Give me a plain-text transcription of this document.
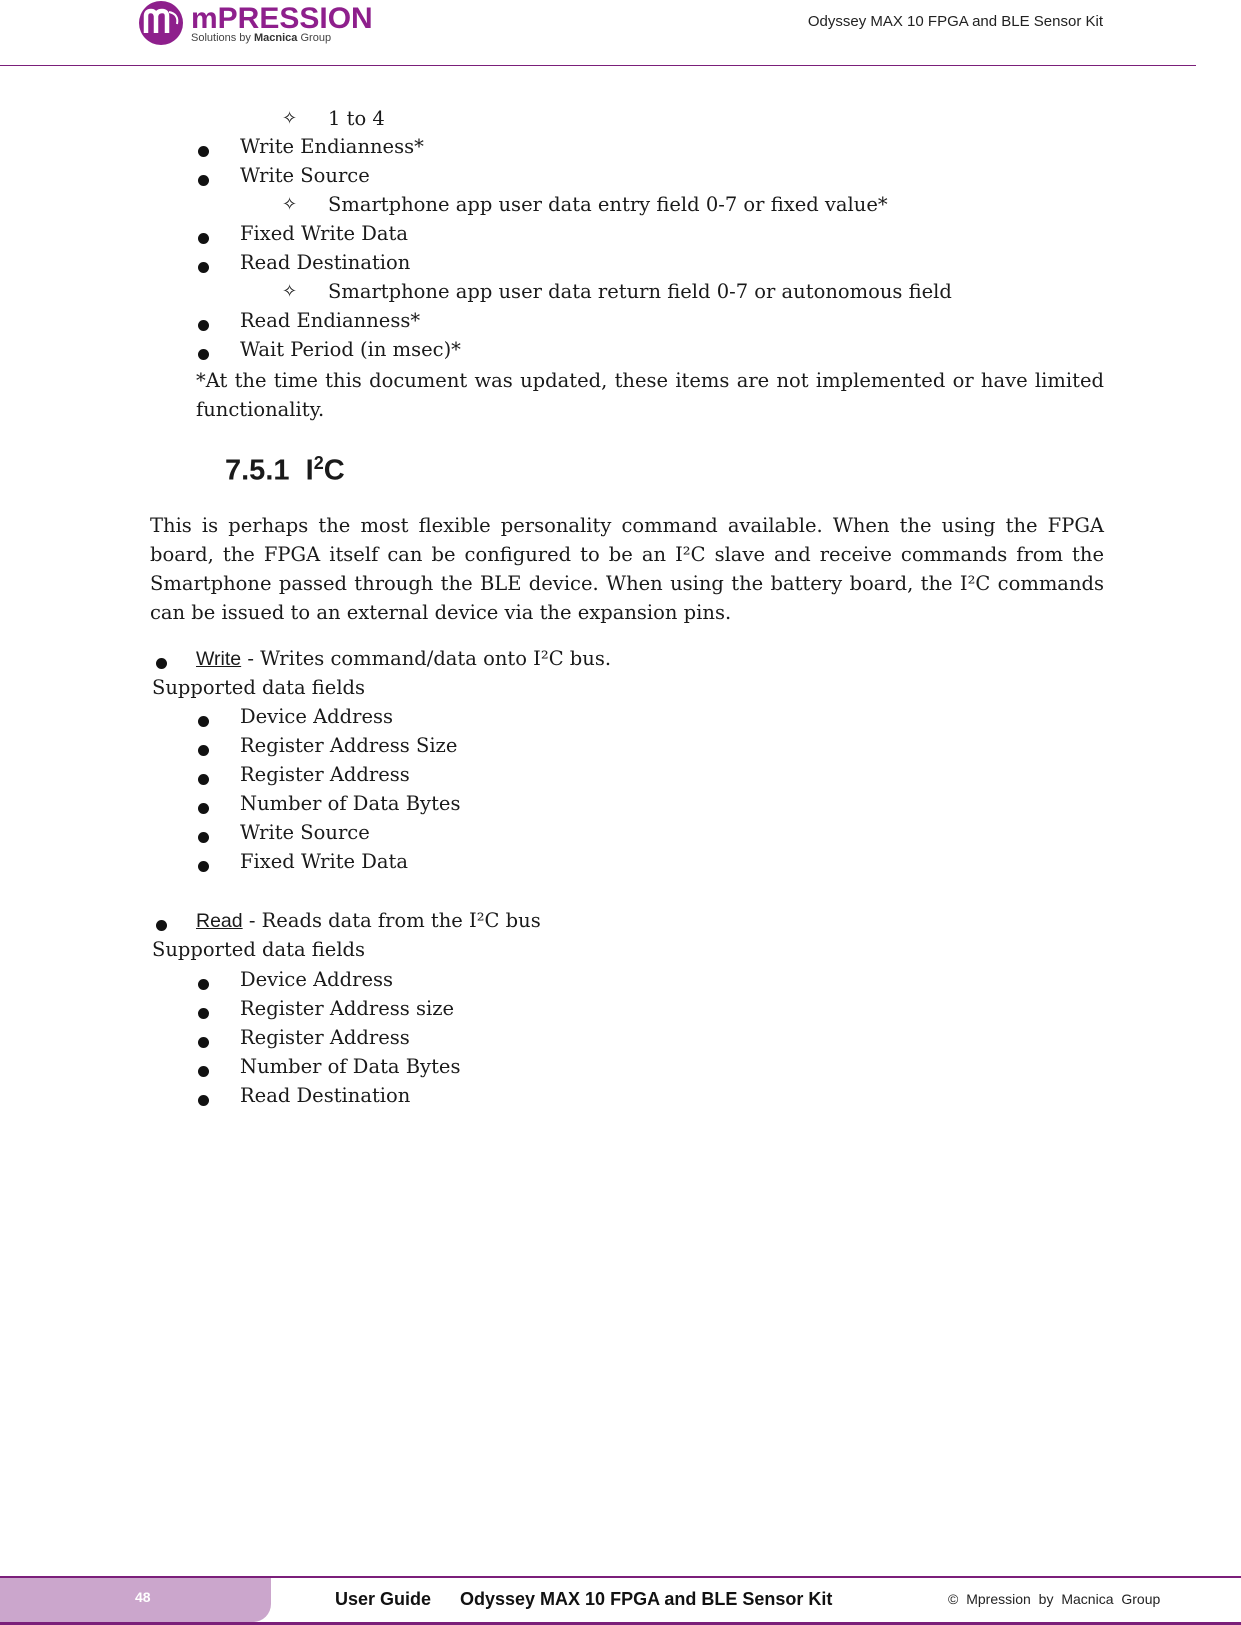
mPRESSION
Solutions by Macnica Group
Odyssey MAX 10 FPGA and BLE Sensor Kit
✧ 1 to 4
Write Endianness*
Write Source
✧ Smartphone app user data entry field 0-7 or fixed value*
Fixed Write Data
Read Destination
✧ Smartphone app user data return field 0-7 or autonomous field
Read Endianness*
Wait Period (in msec)*
*At the time this document was updated, these items are not implemented or have limited functionality.
7.5.1 $I^2C$
This is perhaps the most flexible personality command available. When the using the FPGA board, the FPGA itself can be configured to be an I²C slave and receive commands from the Smartphone passed through the BLE device. When using the battery board, the I²C commands can be issued to an external device via the expansion pins.
Write - Writes command/data onto I²C bus.
Supported data fields
Device Address
Register Address Size
Register Address
Number of Data Bytes
Write Source
Fixed Write Data
Read - Reads data from the I²C bus
Supported data fields
Device Address
Register Address size
Register Address
Number of Data Bytes
Read Destination
48	User Guide Odyssey MAX 10 FPGA and BLE Sensor Kit	© Mpression by Macnica Group
